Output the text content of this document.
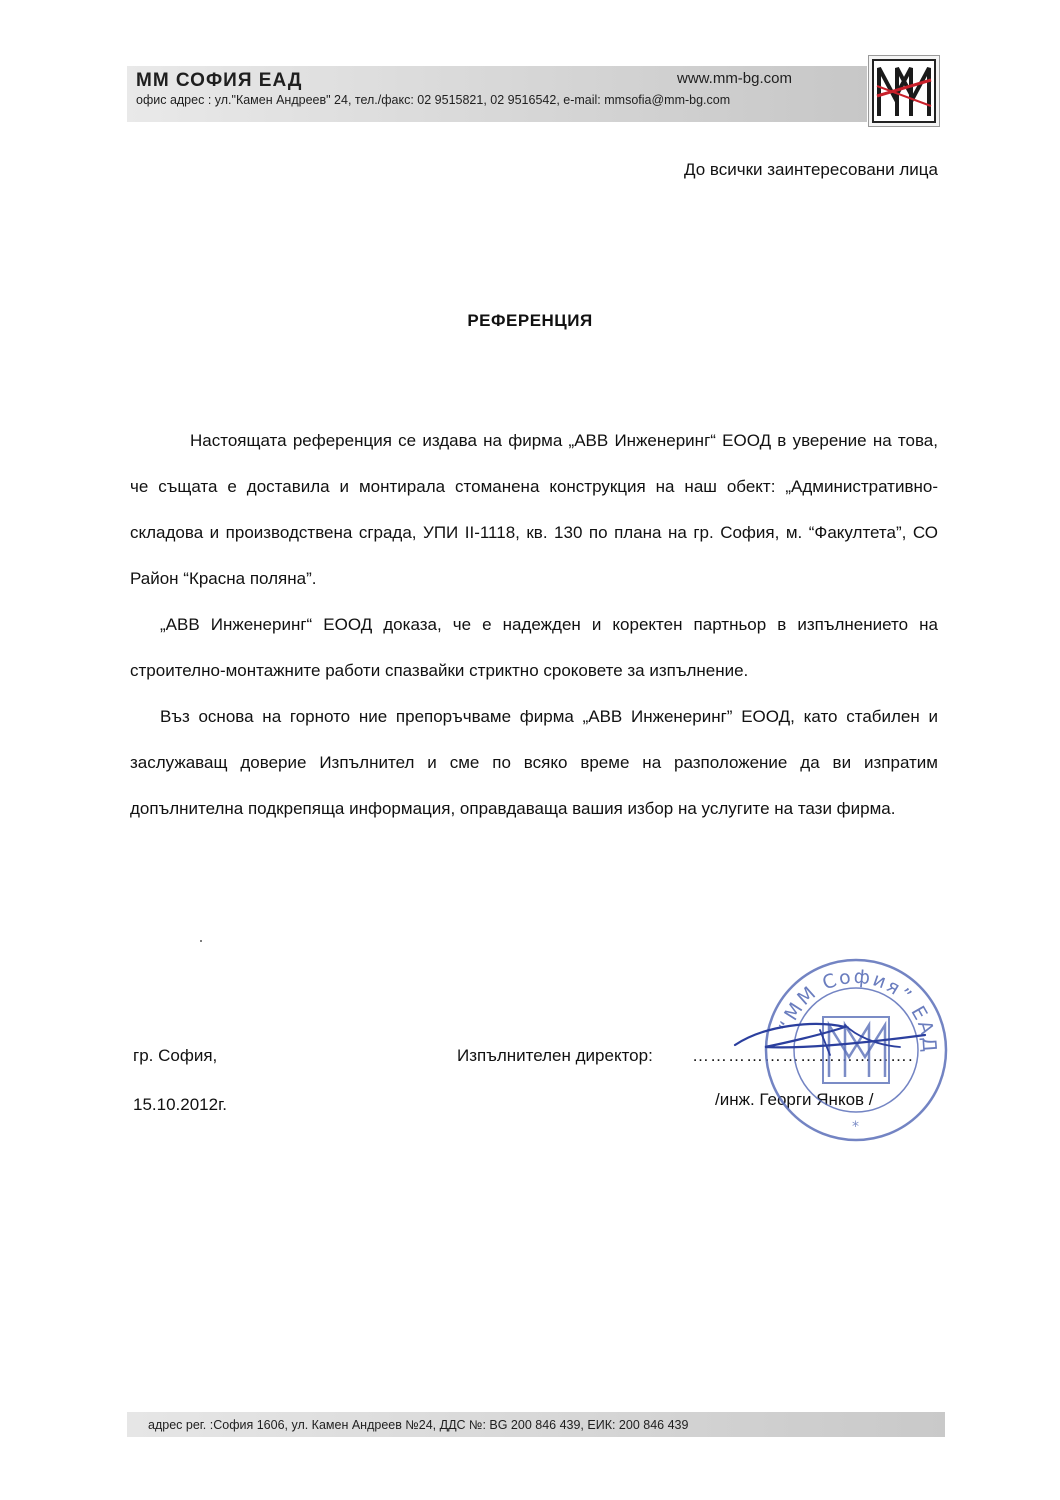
ММ СОФИЯ ЕАД	www.mm-bg.com
офис адрес : ул."Камен Андреев" 24, тел./факс: 02 9515821, 02 9516542, e-mail: mmsofia@mm-bg.com
До всички заинтересовани лица
РЕФЕРЕНЦИЯ

Настоящата референция се издава на фирма „АВВ Инженеринг“ ЕООД в уверение на това, че същата е доставила и монтирала стоманена конструкция на наш обект: „Административно-складова и производствена сграда, УПИ II-1118, кв. 130 по плана на гр. София, м. “Факултета”, СО Район “Красна поляна”.

„АВВ Инженеринг“ ЕООД доказа, че е надежден и коректен партньор в изпълнението на строително-монтажните работи спазвайки стриктно сроковете за изпълнение.

Въз основа на горното ние препоръчваме фирма „АВВ Инженеринг” ЕООД, като стабилен и заслужаващ доверие Изпълнител и сме по всяко време на разположение да ви изпратим допълнителна подкрепяща информация, оправдаваща вашия избор на услугите на тази фирма.

гр. София,
15.10.2012г.
Изпълнителен директор: ……………………………….
/инж. Георги Янков /
“ММ София” ЕАД
*
адрес рег. :София 1606, ул. Камен Андреев №24, ДДС №: BG 200 846 439, ЕИК: 200 846 439
